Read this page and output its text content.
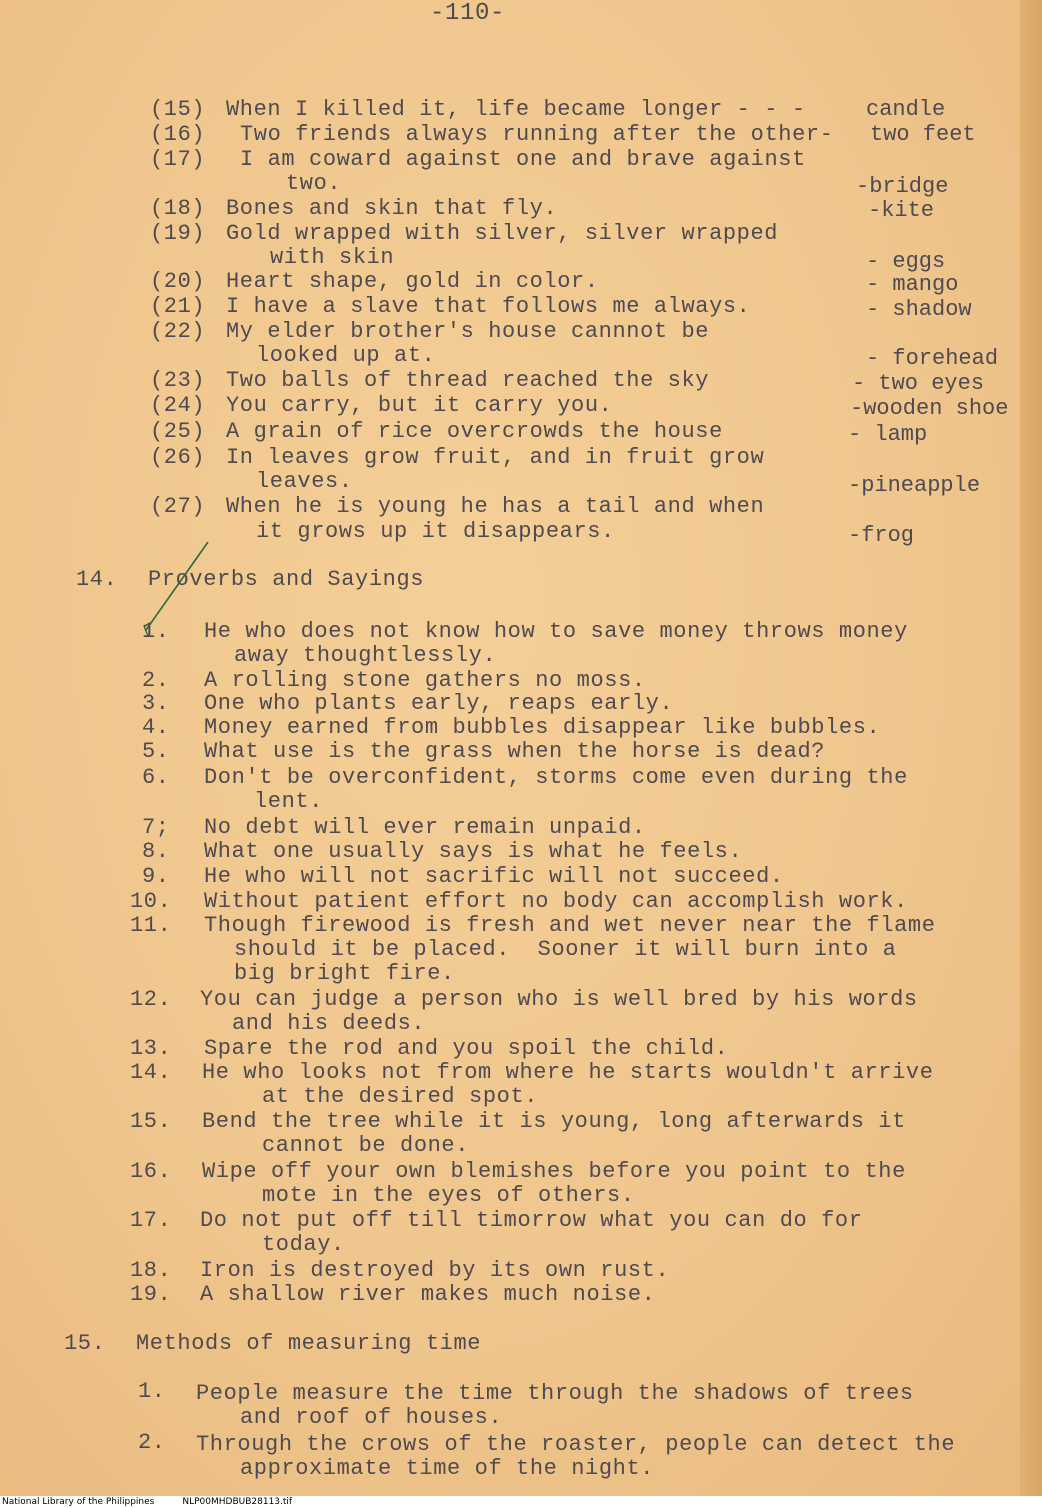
-110-
(15) When I killed it, life became longer - - -	candle
(16) Two friends always running after the other- two feet
(17) I am coward against one and brave against
two.	-bridge
(18) Bones and skin that fly.	-kite
(19) Gold wrapped with silver, silver wrapped
with skin	- eggs
(20) Heart shape, gold in color.	- mango
(21) I have a slave that follows me always.	- shadow
(22) My elder brother's house cannnot be
looked up at.	- forehead
(23) Two balls of thread reached the sky	- two eyes
(24) You carry, but it carry you.	-wooden shoe
(25) A grain of rice overcrowds the house	- lamp
(26) In leaves grow fruit, and in fruit grow
leaves.	-pineapple
(27) When he is young he has a tail and when
it grows up it disappears.	-frog
14. Proverbs and Sayings
1. He who does not know how to save money throws money
away thoughtlessly.
2. A rolling stone gathers no moss.
3. One who plants early, reaps early.
4. Money earned from bubbles disappear like bubbles.
5. What use is the grass when the horse is dead?
6. Don't be overconfident, storms come even during the
lent.
7; No debt will ever remain unpaid.
8. What one usually says is what he feels.
9. He who will not sacrific will not succeed.
10. Without patient effort no body can accomplish work.
11. Though firewood is fresh and wet never near the flame
should it be placed.  Sooner it will burn into a
big bright fire.
12. You can judge a person who is well bred by his words
and his deeds.
13. Spare the rod and you spoil the child.
14. He who looks not from where he starts wouldn't arrive
at the desired spot.
15. Bend the tree while it is young, long afterwards it
cannot be done.
16. Wipe off your own blemishes before you point to the
mote in the eyes of others.
17. Do not put off till timorrow what you can do for
today.
18. Iron is destroyed by its own rust.
19. A shallow river makes much noise.
15. Methods of measuring time
1. People measure the time through the shadows of trees
and roof of houses.
2. Through the crows of the roaster, people can detect the
approximate time of the night.
National Library of the Philippines	NLP00MHDBUB28113.tif
